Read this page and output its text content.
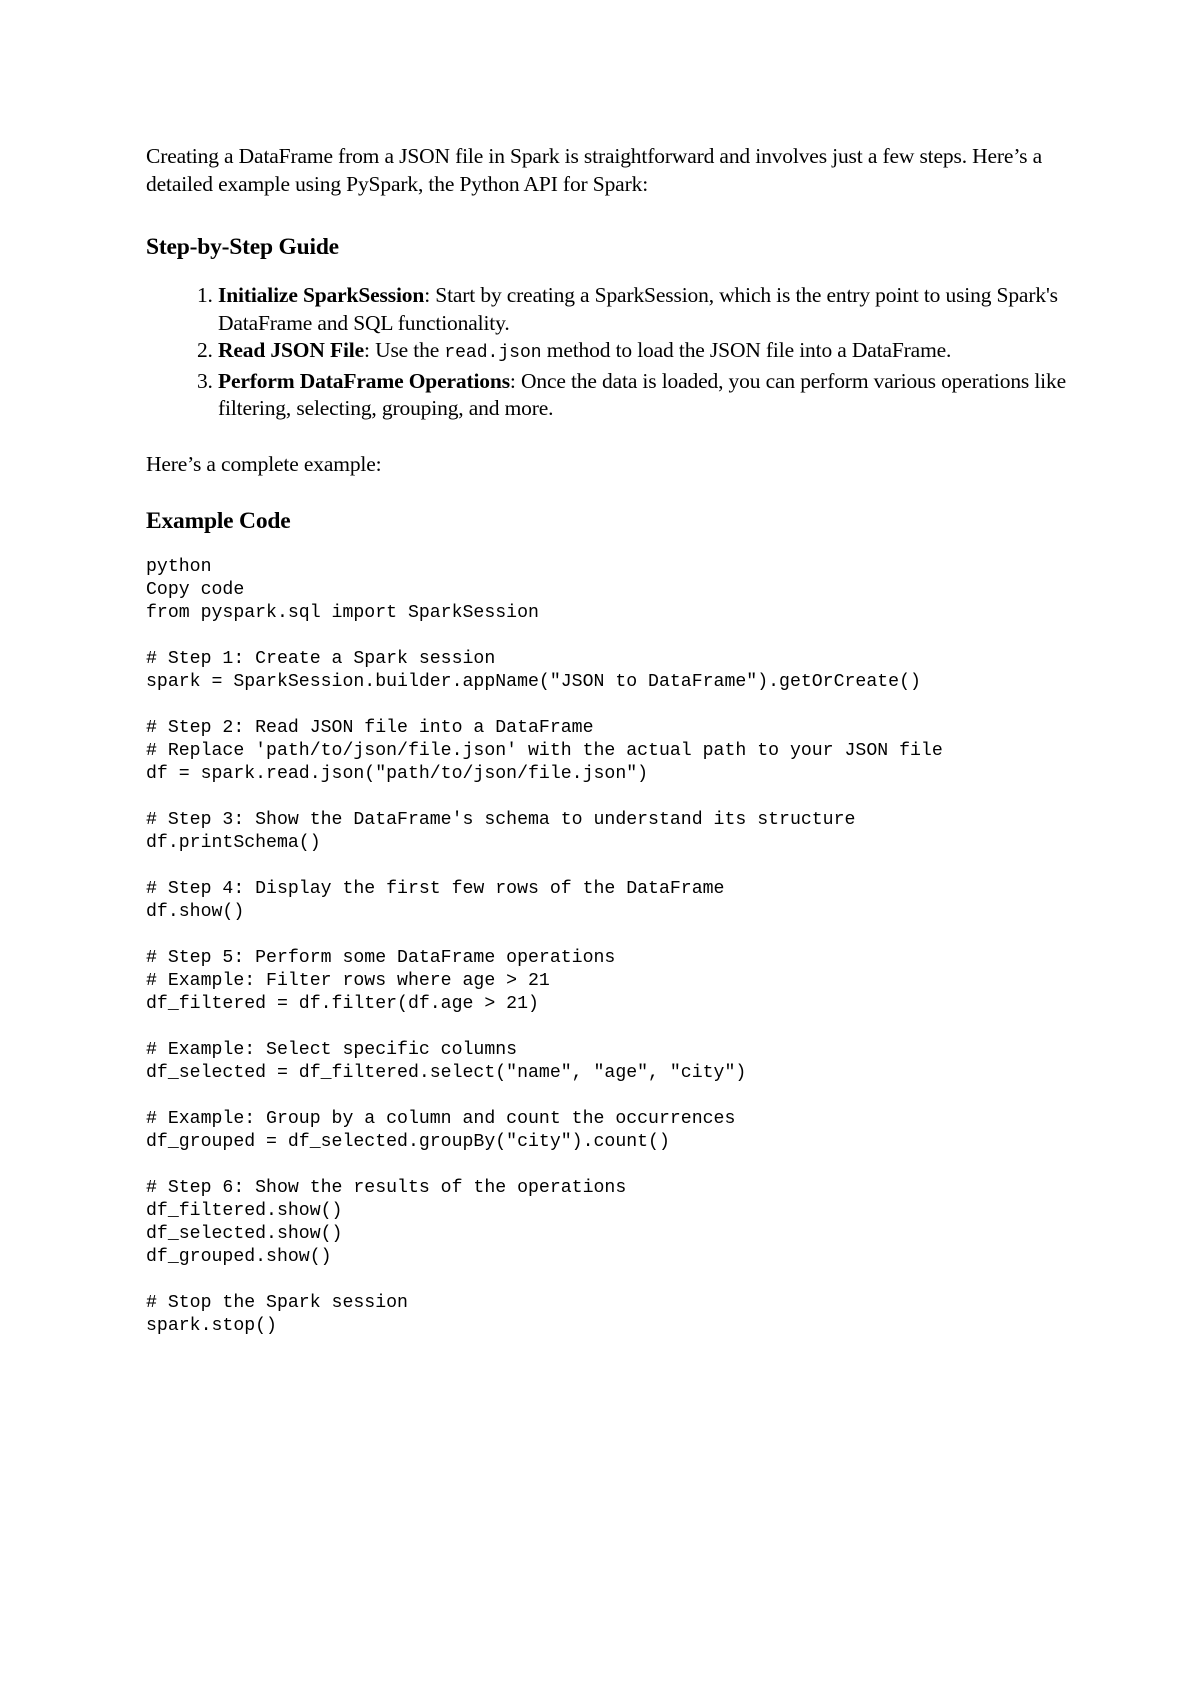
Creating a DataFrame from a JSON file in Spark is straightforward and involves just a few steps. Here’s a detailed example using PySpark, the Python API for Spark:

Step-by-Step Guide
1. Initialize SparkSession: Start by creating a SparkSession, which is the entry point to using Spark's DataFrame and SQL functionality.
2. Read JSON File: Use the read.json method to load the JSON file into a DataFrame.
3. Perform DataFrame Operations: Once the data is loaded, you can perform various operations like filtering, selecting, grouping, and more.

Here’s a complete example:

Example Code
python
Copy code
from pyspark.sql import SparkSession

# Step 1: Create a Spark session
spark = SparkSession.builder.appName("JSON to DataFrame").getOrCreate()

# Step 2: Read JSON file into a DataFrame
# Replace 'path/to/json/file.json' with the actual path to your JSON file
df = spark.read.json("path/to/json/file.json")

# Step 3: Show the DataFrame's schema to understand its structure
df.printSchema()

# Step 4: Display the first few rows of the DataFrame
df.show()

# Step 5: Perform some DataFrame operations
# Example: Filter rows where age > 21
df_filtered = df.filter(df.age > 21)

# Example: Select specific columns
df_selected = df_filtered.select("name", "age", "city")

# Example: Group by a column and count the occurrences
df_grouped = df_selected.groupBy("city").count()

# Step 6: Show the results of the operations
df_filtered.show()
df_selected.show()
df_grouped.show()

# Stop the Spark session
spark.stop()
